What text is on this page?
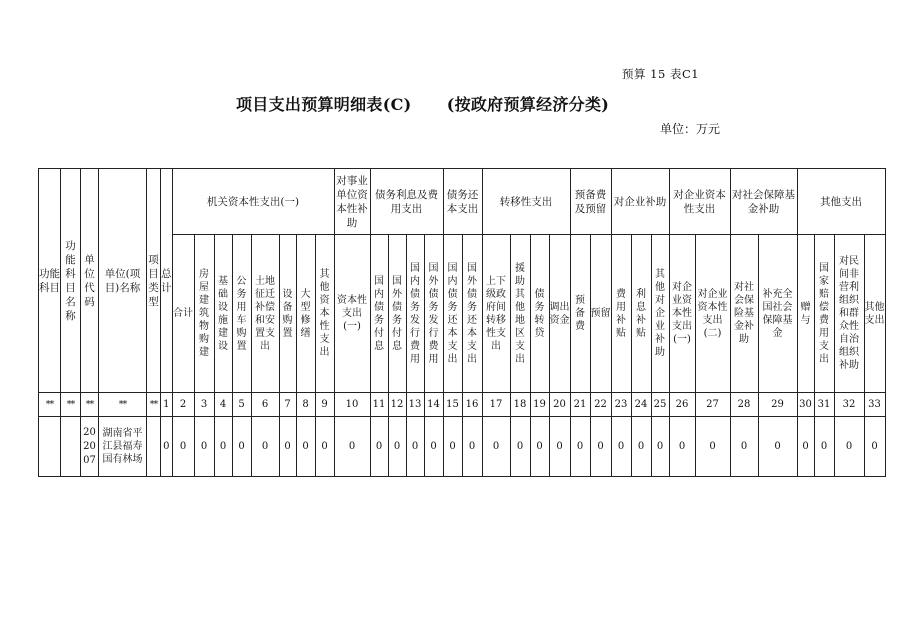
预算 15 表C1
项目支出预算明细表(C)      (按政府预算经济分类)
单位：万元
功能科目	功能科目名称	单位代码	单位(项目)名称	项目类型	总计	机关资本性支出(一)								对事业单位资本性补助	债务利息及费用支出				债务还本支出		转移性支出				预备费及预留		对企业补助			对企业资本性支出		对社会保障基金补助		其他支出			
						合计	房屋建筑物购建	基础设施建设	公务用车购置	土地征迁补偿和安置支出	设备购置	大型修缮	其他资本性支出	资本性支出(一)	国内债务付息	国外债务付息	国内债务发行费用	国外债务发行费用	国内债务还本支出	国外债务还本支出	上下级政府间转移性支出	援助其他地区支出	债务转贷	调出资金	预备费	预留	费用补贴	利息补贴	其他对企业补助	对企业资本性支出(一)	对企业资本性支出(二)	对社会保险基金补助	补充全国社会保障基金	赠与	国家赔偿费用支出	对民间非营利组织和群众性自治组织补助	其他支出
**	**	**	**	**	1	2	3	4	5	6	7	8	9	10	11	12	13	14	15	16	17	18	19	20	21	22	23	24	25	26	27	28	29	30	31	32	33
		202007	湖南省平江县福寿国有林场		0	0	0	0	0	0	0	0	0	0	0	0	0	0	0	0	0	0	0	0	0	0	0	0	0	0	0	0	0	0	0	0	0
